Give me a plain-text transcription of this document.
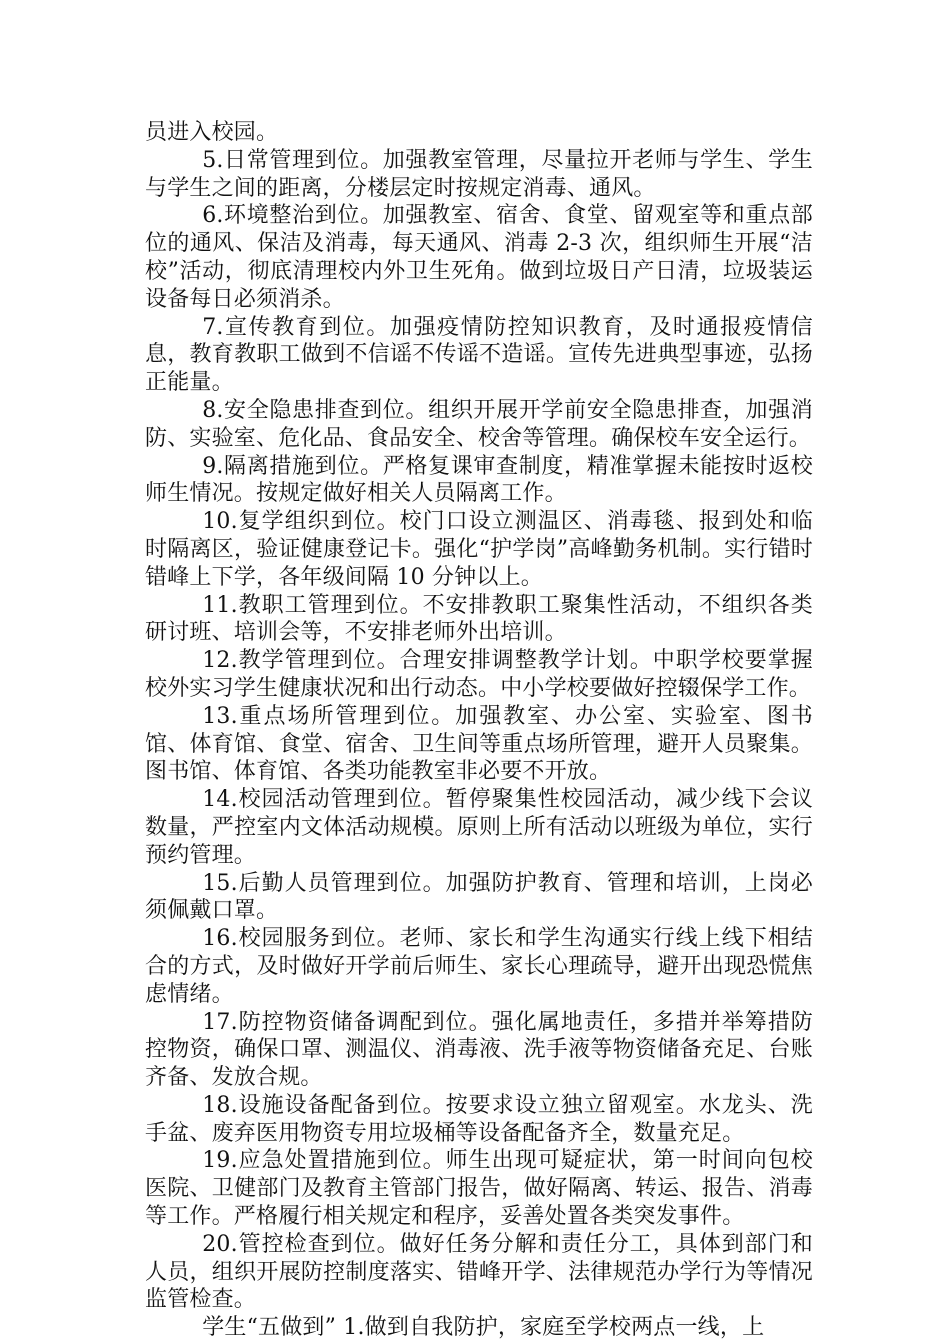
员进入校园。

5.日常管理到位。加强教室管理，尽量拉开老师与学生、学生与学生之间的距离，分楼层定时按规定消毒、通风。

6.环境整治到位。加强教室、宿舍、食堂、留观室等和重点部位的通风、保洁及消毒，每天通风、消毒 2-3 次，组织师生开展“洁校”活动，彻底清理校内外卫生死角。做到垃圾日产日清，垃圾装运设备每日必须消杀。

7.宣传教育到位。加强疫情防控知识教育，及时通报疫情信息，教育教职工做到不信谣不传谣不造谣。宣传先进典型事迹，弘扬正能量。

8.安全隐患排查到位。组织开展开学前安全隐患排查，加强消防、实验室、危化品、食品安全、校舍等管理。确保校车安全运行。

9.隔离措施到位。严格复课审查制度，精准掌握未能按时返校师生情况。按规定做好相关人员隔离工作。

10.复学组织到位。校门口设立测温区、消毒毯、报到处和临时隔离区，验证健康登记卡。强化“护学岗”高峰勤务机制。实行错时错峰上下学，各年级间隔 10 分钟以上。

11.教职工管理到位。不安排教职工聚集性活动，不组织各类研讨班、培训会等，不安排老师外出培训。

12.教学管理到位。合理安排调整教学计划。中职学校要掌握校外实习学生健康状况和出行动态。中小学校要做好控辍保学工作。

13.重点场所管理到位。加强教室、办公室、实验室、图书馆、体育馆、食堂、宿舍、卫生间等重点场所管理，避开人员聚集。图书馆、体育馆、各类功能教室非必要不开放。

14.校园活动管理到位。暂停聚集性校园活动，减少线下会议数量，严控室内文体活动规模。原则上所有活动以班级为单位，实行预约管理。

15.后勤人员管理到位。加强防护教育、管理和培训，上岗必须佩戴口罩。

16.校园服务到位。老师、家长和学生沟通实行线上线下相结合的方式，及时做好开学前后师生、家长心理疏导，避开出现恐慌焦虑情绪。

17.防控物资储备调配到位。强化属地责任，多措并举筹措防控物资，确保口罩、测温仪、消毒液、洗手液等物资储备充足、台账齐备、发放合规。

18.设施设备配备到位。按要求设立独立留观室。水龙头、洗手盆、废弃医用物资专用垃圾桶等设备配备齐全，数量充足。

19.应急处置措施到位。师生出现可疑症状，第一时间向包校医院、卫健部门及教育主管部门报告，做好隔离、转运、报告、消毒等工作。严格履行相关规定和程序，妥善处置各类突发事件。

20.管控检查到位。做好任务分解和责任分工，具体到部门和人员，组织开展防控制度落实、错峰开学、法律规范办学行为等情况监管检查。

学生“五做到” 1.做到自我防护，家庭至学校两点一线，上
